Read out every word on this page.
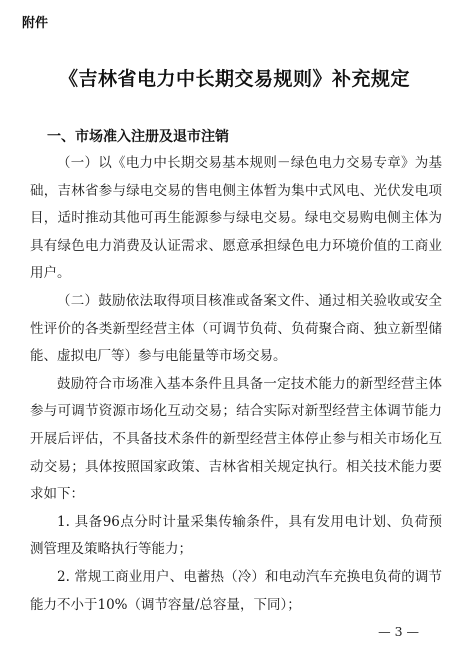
附件
《吉林省电力中长期交易规则》补充规定
一、市场准入注册及退市注销

（一）以《电力中长期交易基本规则－绿色电力交易专章》为基础，吉林省参与绿电交易的售电侧主体暂为集中式风电、光伏发电项目，适时推动其他可再生能源参与绿电交易。绿电交易购电侧主体为具有绿色电力消费及认证需求、愿意承担绿色电力环境价值的工商业用户。

（二）鼓励依法取得项目核准或备案文件、通过相关验收或安全性评价的各类新型经营主体（可调节负荷、负荷聚合商、独立新型储能、虚拟电厂等）参与电能量等市场交易。

鼓励符合市场准入基本条件且具备一定技术能力的新型经营主体参与可调节资源市场化互动交易；结合实际对新型经营主体调节能力开展后评估，不具备技术条件的新型经营主体停止参与相关市场化互动交易；具体按照国家政策、吉林省相关规定执行。相关技术能力要求如下：

1. 具备96点分时计量采集传输条件，具有发用电计划、负荷预测管理及策略执行等能力；

2. 常规工商业用户、电蓄热（冷）和电动汽车充换电负荷的调节能力不小于10%（调节容量/总容量，下同）；

— 3 —
